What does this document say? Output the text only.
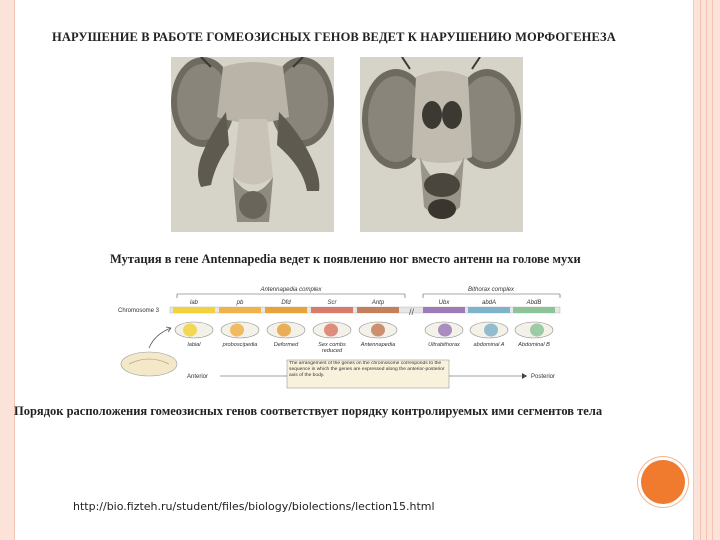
НАРУШЕНИЕ В РАБОТЕ ГОМЕОЗИСНЫХ ГЕНОВ ВЕДЕТ К НАРУШЕНИЮ МОРФОГЕНЕЗА
Мутация в гене Antennapedia ведет к появлению ног вместо антенн на голове мухи
Chromosome 3
Antennapedia complex	Bithorax complex
//
lab	pb	Dfd	Scr	Antp	Ubx	abdA	AbdB
labial	proboscipedia	Deformed	Sex combs reduced
Antennapedia	Ultrabithorax abdominal A Abdominal B
Anterior	Posterior
The arrangement of the genes on the chromosome corresponds to the sequence in which the genes are expressed along the anterior-posterior axis of the body.
Порядок расположения гомеозисных генов соответствует порядку контролируемых ими сегментов тела
http://bio.fizteh.ru/student/files/biology/biolections/lection15.html
